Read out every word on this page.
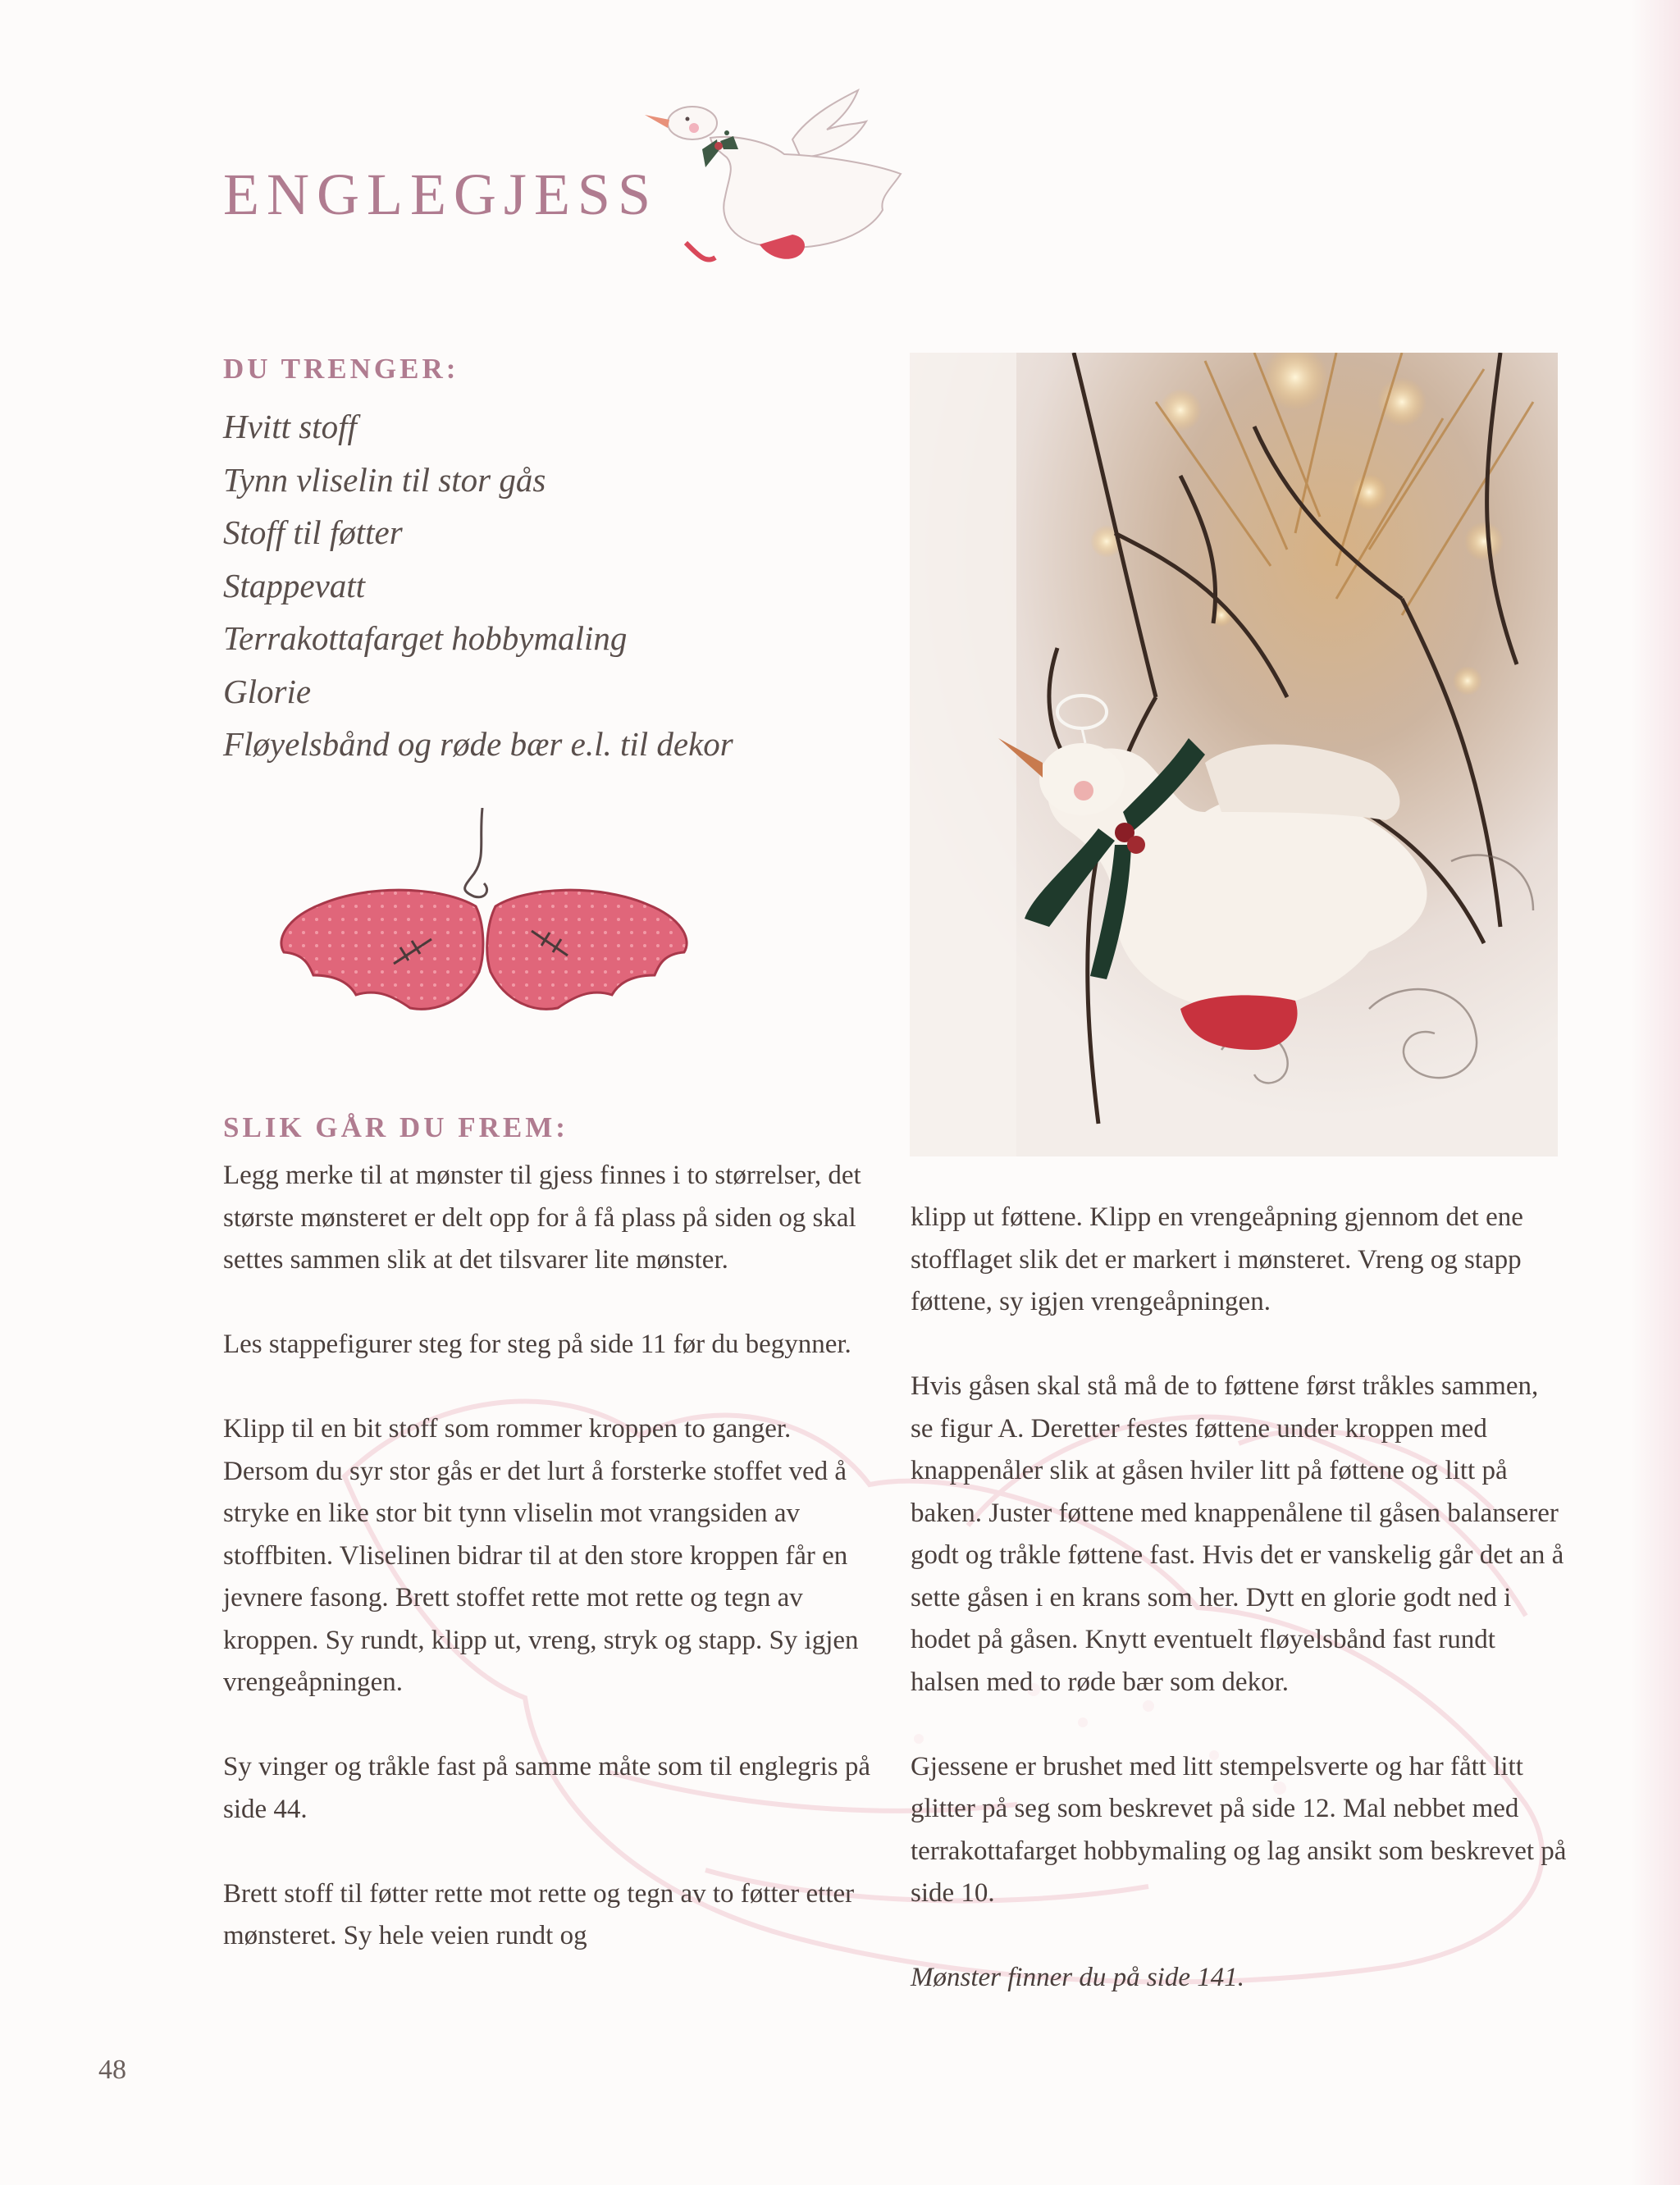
ENGLEGJESS
DU TRENGER:
Hvitt stoff
Tynn vliselin til stor gås
Stoff til føtter
Stappevatt
Terrakottafarget hobbymaling
Glorie
Fløyelsbånd og røde bær e.l. til dekor
SLIK GÅR DU FREM:

Legg merke til at mønster til gjess finnes i to størrelser, det største mønsteret er delt opp for å få plass på siden og skal settes sammen slik at det tilsvarer lite mønster.

Les stappefigurer steg for steg på side 11 før du begynner.

Klipp til en bit stoff som rommer kroppen to ganger. Dersom du syr stor gås er det lurt å forsterke stoffet ved å stryke en like stor bit tynn vliselin mot vrangsiden av stoffbiten. Vliselinen bidrar til at den store kroppen får en jevnere fasong. Brett stoffet rette mot rette og tegn av kroppen. Sy rundt, klipp ut, vreng, stryk og stapp. Sy igjen vrengeåpningen.

Sy vinger og tråkle fast på samme måte som til englegris på side 44.

Brett stoff til føtter rette mot rette og tegn av to føtter etter mønsteret. Sy hele veien rundt og

klipp ut føttene. Klipp en vrengeåpning gjennom det ene stofflaget slik det er markert i mønsteret. Vreng og stapp føttene, sy igjen vrengeåpningen.

Hvis gåsen skal stå må de to føttene først tråkles sammen, se figur A. Deretter festes føttene under kroppen med knappenåler slik at gåsen hviler litt på føttene og litt på baken. Juster føttene med knappenålene til gåsen balanserer godt og tråkle føttene fast. Hvis det er vanskelig går det an å sette gåsen i en krans som her. Dytt en glorie godt ned i hodet på gåsen. Knytt eventuelt fløyelsbånd fast rundt halsen med to røde bær som dekor.

Gjessene er brushet med litt stempelsverte og har fått litt glitter på seg som beskrevet på side 12. Mal nebbet med terrakottafarget hobbymaling og lag ansikt som beskrevet på side 10.

Mønster finner du på side 141.

48
